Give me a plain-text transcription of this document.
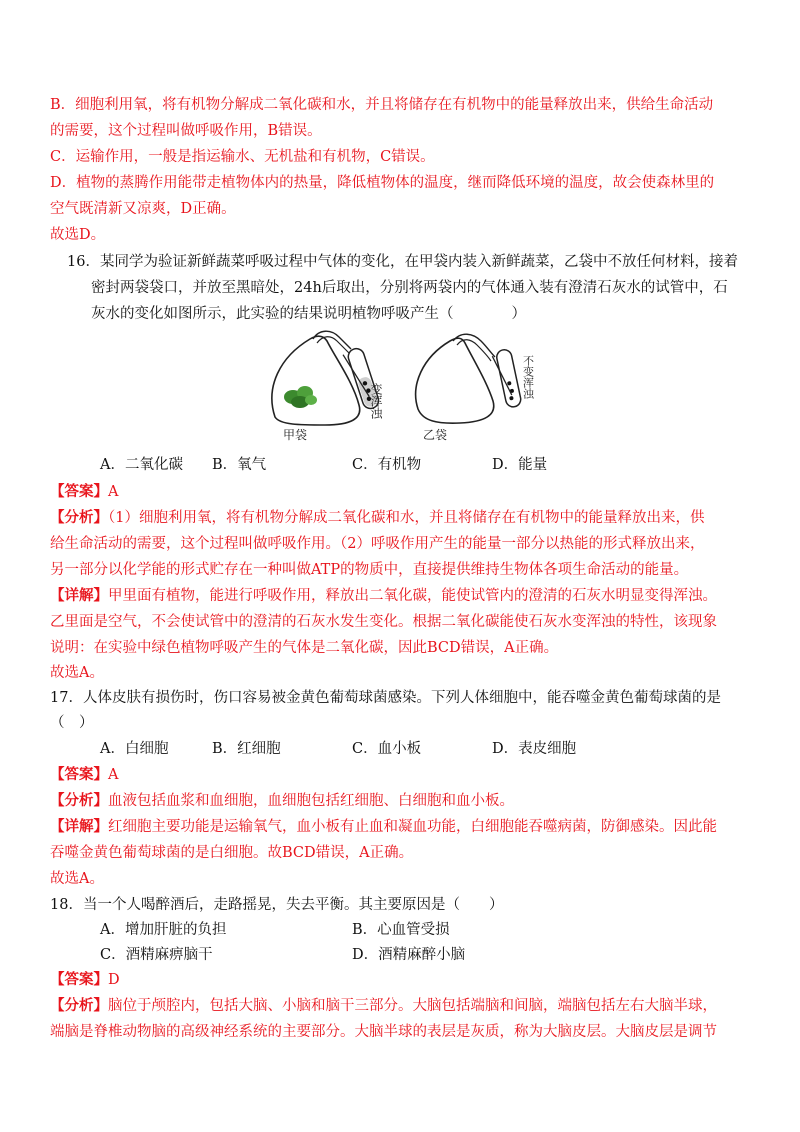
B．细胞利用氧，将有机物分解成二氧化碳和水，并且将储存在有机物中的能量释放出来，供给生命活动
的需要，这个过程叫做呼吸作用，B错误。
C．运输作用，一般是指运输水、无机盐和有机物，C错误。
D．植物的蒸腾作用能带走植物体内的热量，降低植物体的温度，继而降低环境的温度，故会使森林里的
空气既清新又凉爽，D正确。
故选D。
16．某同学为验证新鲜蔬菜呼吸过程中气体的变化，在甲袋内装入新鲜蔬菜，乙袋中不放任何材料，接着
密封两袋袋口，并放至黑暗处，24h后取出，分别将两袋内的气体通入装有澄清石灰水的试管中，石
灰水的变化如图所示，此实验的结果说明植物呼吸产生（　　　　）
甲袋
变浑浊
乙袋
不变浑浊
A．二氧化碳 B．氧气	C．有机物	D．能量
【答案】A
【分析】（1）细胞利用氧，将有机物分解成二氧化碳和水，并且将储存在有机物中的能量释放出来，供
给生命活动的需要，这个过程叫做呼吸作用。（2）呼吸作用产生的能量一部分以热能的形式释放出来，
另一部分以化学能的形式贮存在一种叫做ATP的物质中，直接提供维持生物体各项生命活动的能量。
【详解】甲里面有植物，能进行呼吸作用，释放出二氧化碳，能使试管内的澄清的石灰水明显变得浑浊。
乙里面是空气，不会使试管中的澄清的石灰水发生变化。根据二氧化碳能使石灰水变浑浊的特性，该现象
说明：在实验中绿色植物呼吸产生的气体是二氧化碳，因此BCD错误，A正确。
故选A。
17．人体皮肤有损伤时，伤口容易被金黄色葡萄球菌感染。下列人体细胞中，能吞噬金黄色葡萄球菌的是
（　）
A．白细胞	B．红细胞	C．血小板	D．表皮细胞
【答案】A
【分析】血液包括血浆和血细胞，血细胞包括红细胞、白细胞和血小板。
【详解】红细胞主要功能是运输氧气，血小板有止血和凝血功能，白细胞能吞噬病菌，防御感染。因此能
吞噬金黄色葡萄球菌的是白细胞。故BCD错误，A正确。
故选A。
18．当一个人喝醉酒后，走路摇晃，失去平衡。其主要原因是（　　）
A．增加肝脏的负担	B．心血管受损
C．酒精麻痹脑干	D．酒精麻醉小脑
【答案】D
【分析】脑位于颅腔内，包括大脑、小脑和脑干三部分。大脑包括端脑和间脑，端脑包括左右大脑半球，
端脑是脊椎动物脑的高级神经系统的主要部分。大脑半球的表层是灰质，称为大脑皮层。大脑皮层是调节
